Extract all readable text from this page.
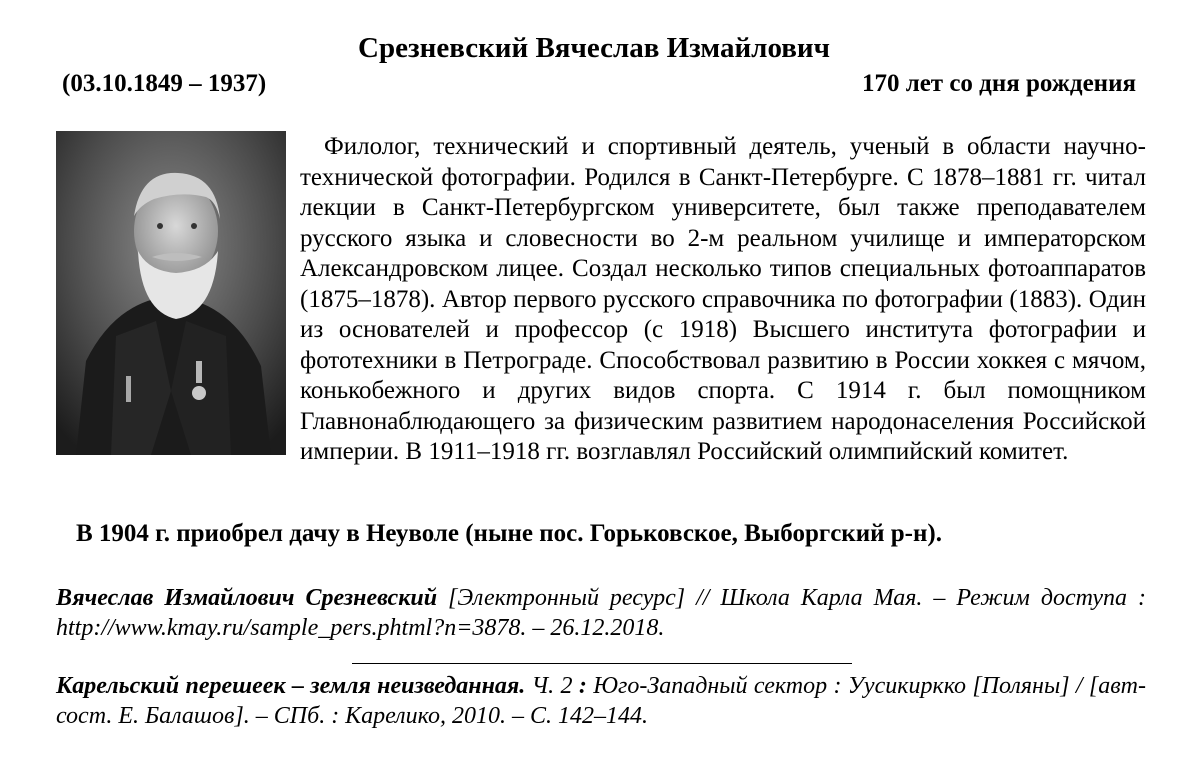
Срезневский Вячеслав Измайлович
(03.10.1849 – 1937)	170 лет со дня рождения

Филолог, технический и спортивный деятель, ученый в области научно-технической фотографии. Родился в Санкт-Петербурге. С 1878–1881 гг. читал лекции в Санкт-Петербургском университете, был также преподавателем русского языка и словесности во 2-м реальном училище и императорском Александровском лицее. Создал несколько типов специальных фотоаппаратов (1875–1878). Автор первого русского справочника по фотографии (1883). Один из основателей и профессор (с 1918) Высшего института фотографии и фототехники в Петрограде. Способствовал развитию в России хоккея с мячом, конькобежного и других видов спорта. С 1914 г. был помощником Главнонаблюдающего за физическим развитием народонаселения Российской империи. В 1911–1918 гг. возглавлял Российский олимпийский комитет.

В 1904 г. приобрел дачу в Неуволе (ныне пос. Горьковское, Выборгский р-н).
Вячеслав Измайлович Срезневский [Электронный ресурс] // Школа Карла Мая. – Режим доступа : http://www.kmay.ru/sample_pers.phtml?n=3878. – 26.12.2018.
Карельский перешеек – земля неизведанная. Ч. 2 : Юго-Западный сектор : Уусикиркко [Поляны] / [авт-сост. Е. Балашов]. – СПб. : Карелико, 2010. – С. 142–144.
